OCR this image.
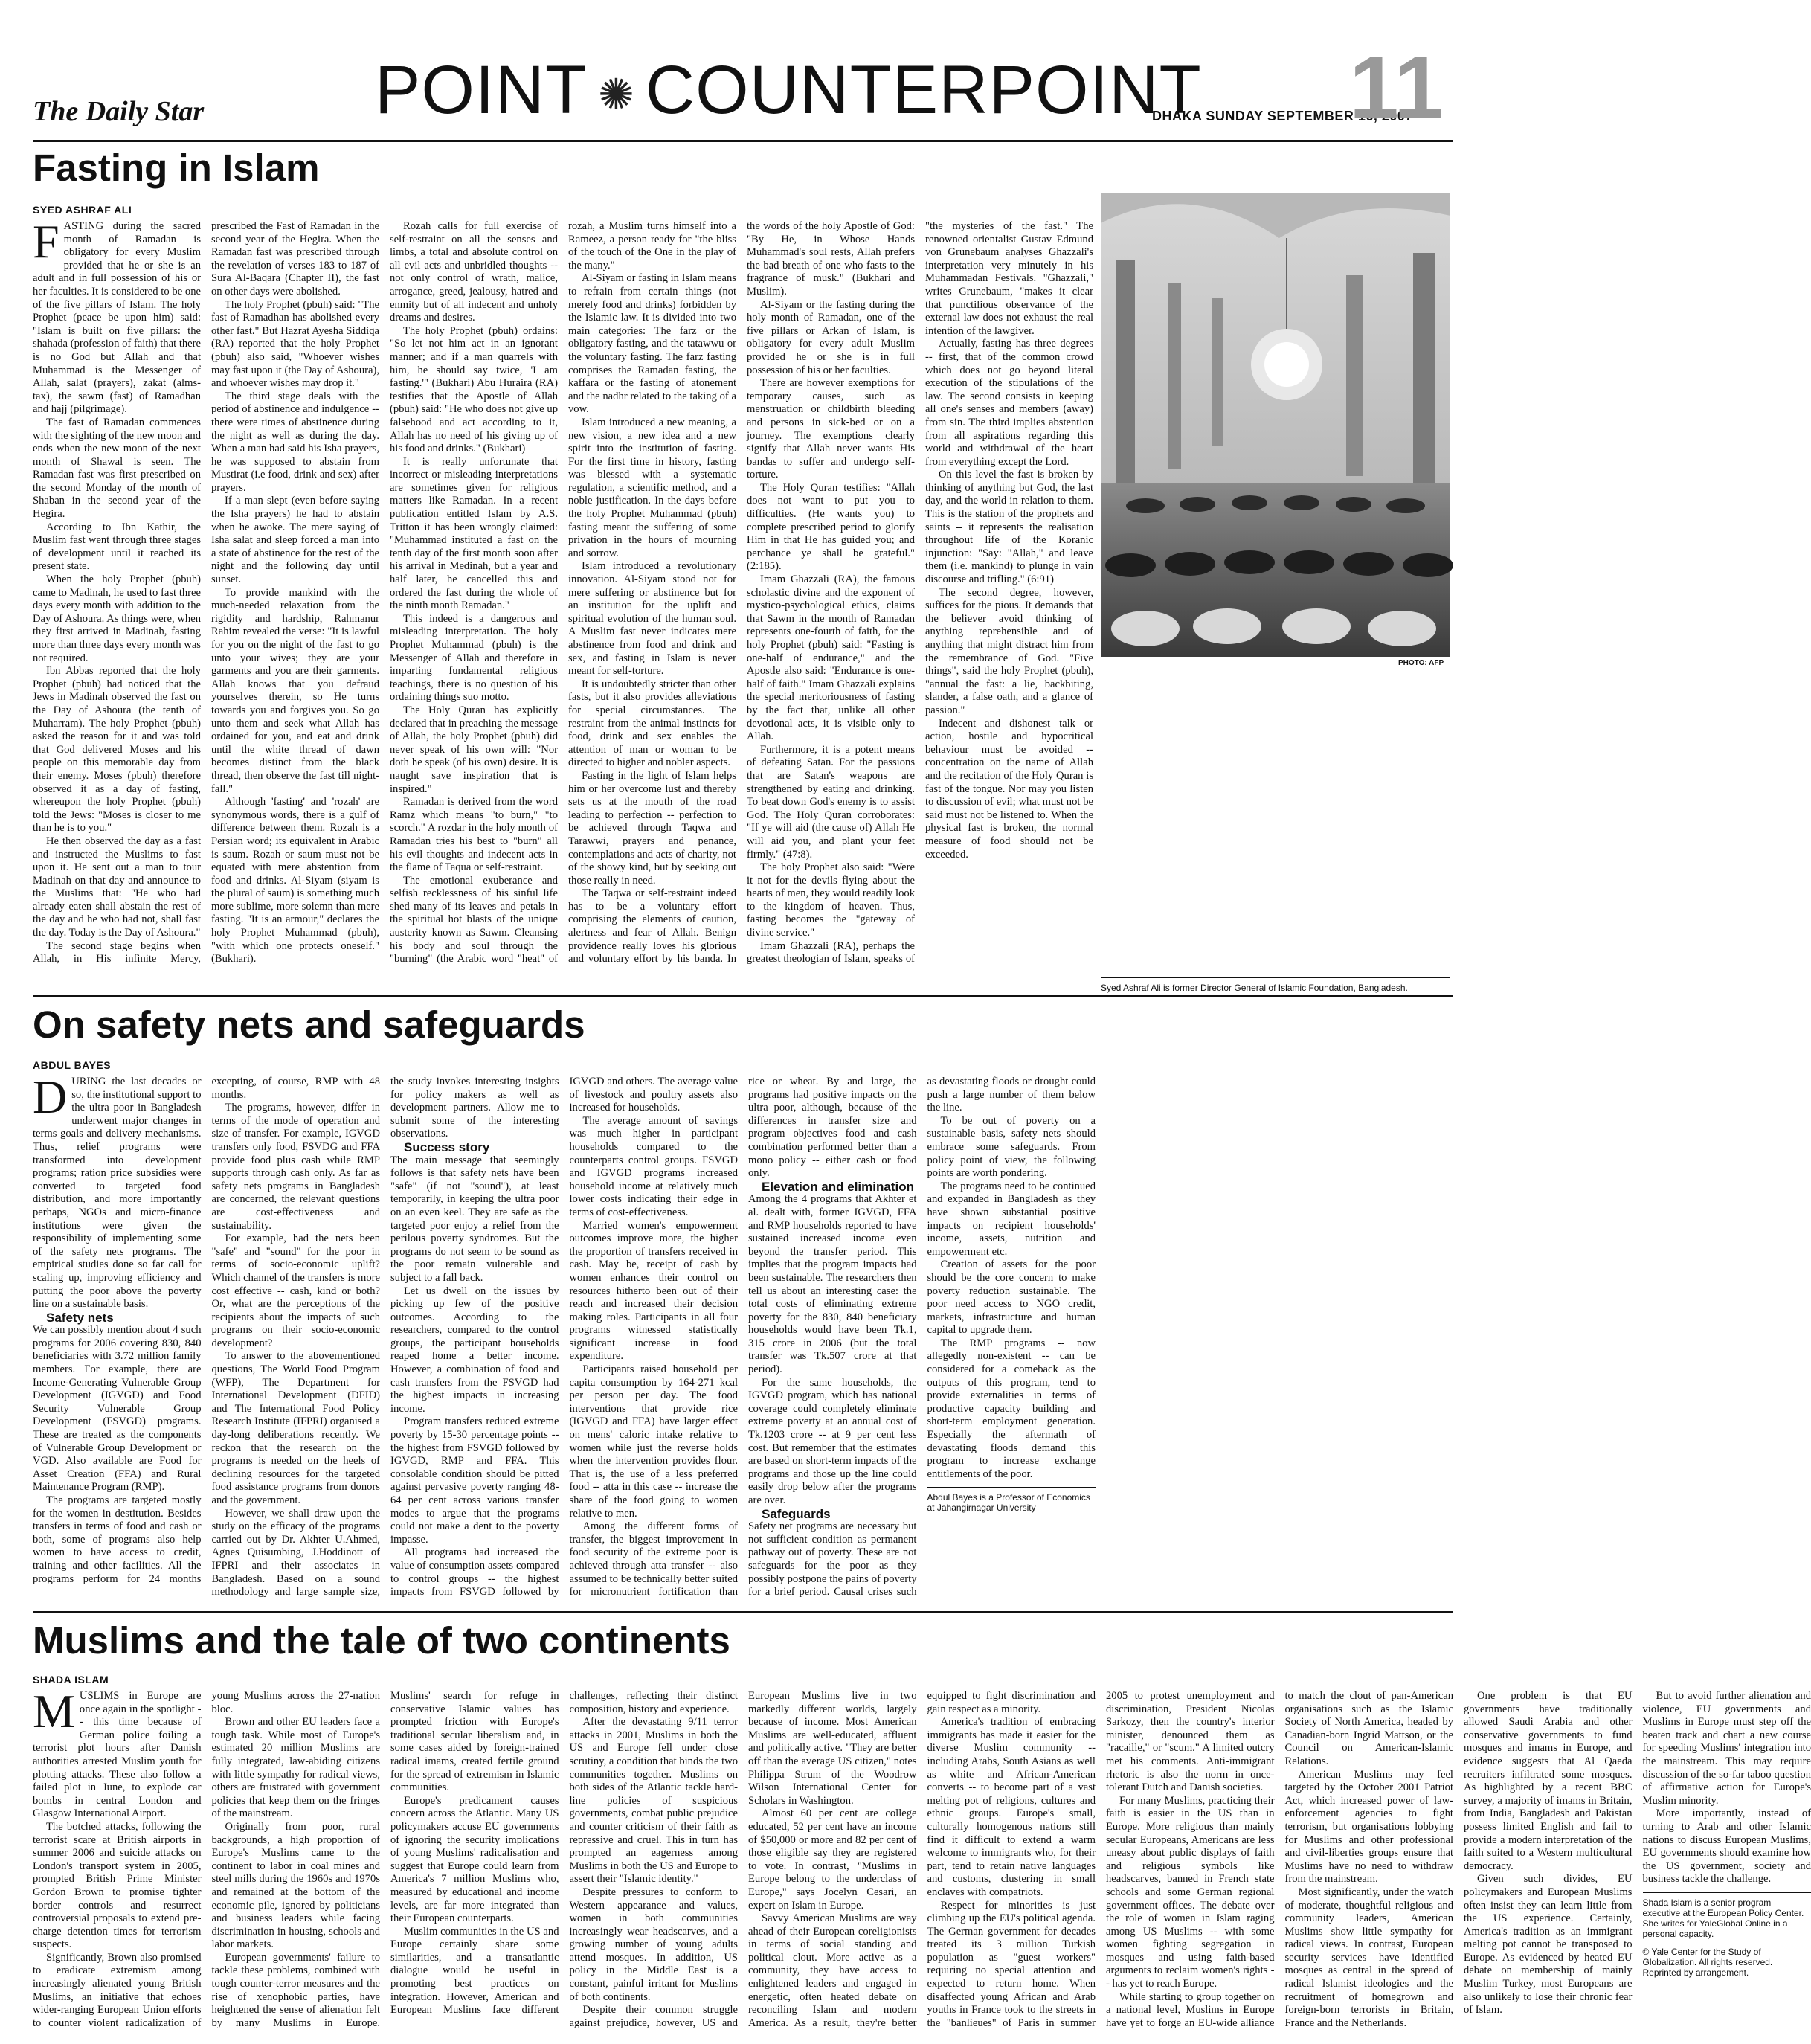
The Daily Star POINT ✺ COUNTERPOINT
DHAKA SUNDAY SEPTEMBER 16, 2007
11
Fasting in Islam
SYED ASHRAF ALI
F ASTING during the sacred month of Ramadan is obligatory for every Muslim provided that he or she is an adult and in full possession of his or her faculties. It is considered to be one of the five pillars of Islam. The holy Prophet (peace be upon him) said: "Islam is built on five pillars: the shahada (profession of faith) that there is no God but Allah and that Muhammad is the Messenger of Allah, salat (prayers), zakat (alms-tax), the sawm (fast) of Ramadhan and hajj (pilgrimage).

The fast of Ramadan commences with the sighting of the new moon and ends when the new moon of the next month of Shawal is seen. The Ramadan fast was first prescribed on the second Monday of the month of Shaban in the second year of the Hegira.

According to Ibn Kathir, the Muslim fast went through three stages of development until it reached its present state.

When the holy Prophet (pbuh) came to Madinah, he used to fast three days every month with addition to the Day of Ashoura. As things were, when they first arrived in Madinah, fasting more than three days every month was not required.

Ibn Abbas reported that the holy Prophet (pbuh) had noticed that the Jews in Madinah observed the fast on the Day of Ashoura (the tenth of Muharram). The holy Prophet (pbuh) asked the reason for it and was told that God delivered Moses and his people on this memorable day from their enemy. Moses (pbuh) therefore observed it as a day of fasting, whereupon the holy Prophet (pbuh) told the Jews: "Moses is closer to me than he is to you."

He then observed the day as a fast and instructed the Muslims to fast upon it. He sent out a man to tour Madinah on that day and announce to the Muslims that: "He who had already eaten shall abstain the rest of the day and he who had not, shall fast the day. Today is the Day of Ashoura."

The second stage begins when Allah, in His infinite Mercy, prescribed the Fast of Ramadan in the second year of the Hegira. When the Ramadan fast was prescribed through the revelation of verses 183 to 187 of Sura Al-Baqara (Chapter II), the fast on other days were abolished.

The holy Prophet (pbuh) said: "The fast of Ramadhan has abolished every other fast." But Hazrat Ayesha Siddiqa (RA) reported that the holy Prophet (pbuh) also said, "Whoever wishes may fast upon it (the Day of Ashoura), and whoever wishes may drop it."

The third stage deals with the period of abstinence and indulgence -- there were times of abstinence during the night as well as during the day. When a man had said his Isha prayers, he was supposed to abstain from Mustirat (i.e food, drink and sex) after prayers.

If a man slept (even before saying the Isha prayers) he had to abstain when he awoke. The mere saying of Isha salat and sleep forced a man into a state of abstinence for the rest of the night and the following day until sunset.

To provide mankind with the much-needed relaxation from the rigidity and hardship, Rahmanur Rahim revealed the verse: "It is lawful for you on the night of the fast to go unto your wives; they are your garments and you are their garments. Allah knows that you defraud yourselves therein, so He turns towards you and forgives you. So go unto them and seek what Allah has ordained for you, and eat and drink until the white thread of dawn becomes distinct from the black thread, then observe the fast till night-fall."

Although 'fasting' and 'rozah' are synonymous words, there is a gulf of difference between them. Rozah is a Persian word; its equivalent in Arabic is saum. Rozah or saum must not be equated with mere abstention from food and drinks. Al-Siyam (siyam is the plural of saum) is something much more sublime, more solemn than mere fasting. "It is an armour," declares the holy Prophet Muhammad (pbuh), "with which one protects oneself." (Bukhari).

Rozah calls for full exercise of self-restraint on all the senses and limbs, a total and absolute control on all evil acts and unbridled thoughts -- not only control of wrath, malice, arrogance, greed, jealousy, hatred and enmity but of all indecent and unholy dreams and desires.

The holy Prophet (pbuh) ordains: "So let not him act in an ignorant manner; and if a man quarrels with him, he should say twice, 'I am fasting.'" (Bukhari) Abu Huraira (RA) testifies that the Apostle of Allah (pbuh) said: "He who does not give up falsehood and act according to it, Allah has no need of his giving up of his food and drinks." (Bukhari)

It is really unfortunate that incorrect or misleading interpretations are sometimes given for religious matters like Ramadan. In a recent publication entitled Islam by A.S. Tritton it has been wrongly claimed: "Muhammad instituted a fast on the tenth day of the first month soon after his arrival in Medinah, but a year and half later, he cancelled this and ordered the fast during the whole of the ninth month Ramadan."

This indeed is a dangerous and misleading interpretation. The holy Prophet Muhammad (pbuh) is the Messenger of Allah and therefore in imparting fundamental religious teachings, there is no question of his ordaining things suo motto.

The Holy Quran has explicitly declared that in preaching the message of Allah, the holy Prophet (pbuh) did never speak of his own will: "Nor doth he speak (of his own) desire. It is naught save inspiration that is inspired."

Ramadan is derived from the word Ramz which means "to burn," "to scorch." A rozdar in the holy month of Ramadan tries his best to "burn" all his evil thoughts and indecent acts in the flame of Taqua or self-restraint.

The emotional exuberance and selfish recklessness of his sinful life shed many of its leaves and petals in the spiritual hot blasts of the unique austerity known as Sawm. Cleansing his body and soul through the "burning" (the Arabic word "heat" of rozah, a Muslim turns himself into a Rameez, a person ready for "the bliss of the touch of the One in the play of the many."

Al-Siyam or fasting in Islam means to refrain from certain things (not merely food and drinks) forbidden by the Islamic law. It is divided into two main categories: The farz or the obligatory fasting, and the tatawwu or the voluntary fasting. The farz fasting comprises the Ramadan fasting, the kaffara or the fasting of atonement and the nadhr related to the taking of a vow.

Islam introduced a new meaning, a new vision, a new idea and a new spirit into the institution of fasting. For the first time in history, fasting was blessed with a systematic regulation, a scientific method, and a noble justification. In the days before the holy Prophet Muhammad (pbuh) fasting meant the suffering of some privation in the hours of mourning and sorrow.

Islam introduced a revolutionary innovation. Al-Siyam stood not for mere suffering or abstinence but for an institution for the uplift and spiritual evolution of the human soul. A Muslim fast never indicates mere abstinence from food and drink and sex, and fasting in Islam is never meant for self-torture.

It is undoubtedly stricter than other fasts, but it also provides alleviations for special circumstances. The restraint from the animal instincts for food, drink and sex enables the attention of man or woman to be directed to higher and nobler aspects.

Fasting in the light of Islam helps him or her overcome lust and thereby sets us at the mouth of the road leading to perfection -- perfection to be achieved through Taqwa and Tarawwi, prayers and penance, contemplations and acts of charity, not of the showy kind, but by seeking out those really in need.

The Taqwa or self-restraint indeed has to be a voluntary effort comprising the elements of caution, alertness and fear of Allah. Benign providence really loves his glorious and voluntary effort by his banda. In the words of the holy Apostle of God: "By He, in Whose Hands Muhammad's soul rests, Allah prefers the bad breath of one who fasts to the fragrance of musk." (Bukhari and Muslim).

Al-Siyam or the fasting during the holy month of Ramadan, one of the five pillars or Arkan of Islam, is obligatory for every adult Muslim provided he or she is in full possession of his or her faculties.

There are however exemptions for temporary causes, such as menstruation or childbirth bleeding and persons in sick-bed or on a journey. The exemptions clearly signify that Allah never wants His bandas to suffer and undergo self-torture.

The Holy Quran testifies: "Allah does not want to put you to difficulties. (He wants you) to complete prescribed period to glorify Him in that He has guided you; and perchance ye shall be grateful." (2:185).

Imam Ghazzali (RA), the famous scholastic divine and the exponent of mystico-psychological ethics, claims that Sawm in the month of Ramadan represents one-fourth of faith, for the holy Prophet (pbuh) said: "Fasting is one-half of endurance," and the Apostle also said: "Endurance is one-half of faith." Imam Ghazzali explains the special meritoriousness of fasting by the fact that, unlike all other devotional acts, it is visible only to Allah.

Furthermore, it is a potent means of defeating Satan. For the passions that are Satan's weapons are strengthened by eating and drinking. To beat down God's enemy is to assist God. The Holy Quran corroborates: "If ye will aid (the cause of) Allah He will aid you, and plant your feet firmly." (47:8).

The holy Prophet also said: "Were it not for the devils flying about the hearts of men, they would readily look to the kingdom of heaven. Thus, fasting becomes the "gateway of divine service."

Imam Ghazzali (RA), perhaps the greatest theologian of Islam, speaks of "the mysteries of the fast." The renowned orientalist Gustav Edmund von Grunebaum analyses Ghazzali's interpretation very minutely in his Muhammadan Festivals. "Ghazzali," writes Grunebaum, "makes it clear that punctilious observance of the external law does not exhaust the real intention of the lawgiver.

Actually, fasting has three degrees -- first, that of the common crowd which does not go beyond literal execution of the stipulations of the law. The second consists in keeping all one's senses and members (away) from sin. The third implies abstention from all aspirations regarding this world and withdrawal of the heart from everything except the Lord.

On this level the fast is broken by thinking of anything but God, the last day, and the world in relation to them. This is the station of the prophets and saints -- it represents the realisation throughout life of the Koranic injunction: "Say: "Allah," and leave them (i.e. mankind) to plunge in vain discourse and trifling." (6:91)

The second degree, however, suffices for the pious. It demands that the believer avoid thinking of anything reprehensible and of anything that might distract him from the remembrance of God. "Five things", said the holy Prophet (pbuh), "annual the fast: a lie, backbiting, slander, a false oath, and a glance of passion."

Indecent and dishonest talk or action, hostile and hypocritical behaviour must be avoided -- concentration on the name of Allah and the recitation of the Holy Quran is fast of the tongue. Nor may you listen to discussion of evil; what must not be said must not be listened to. When the physical fast is broken, the normal measure of food should not be exceeded.

PHOTO: AFP
Syed Ashraf Ali is former Director General of Islamic Foundation, Bangladesh.
On safety nets and safeguards
ABDUL BAYES
D URING the last decades or so, the institutional support to the ultra poor in Bangladesh underwent major changes in terms goals and delivery mechanisms. Thus, relief programs were transformed into development programs; ration price subsidies were converted to targeted food distribution, and more importantly perhaps, NGOs and micro-finance institutions were given the responsibility of implementing some of the safety nets programs. The empirical studies done so far call for scaling up, improving efficiency and putting the poor above the poverty line on a sustainable basis.

Safety nets

We can possibly mention about 4 such programs for 2006 covering 830, 840 beneficiaries with 3.72 million family members. For example, there are Income-Generating Vulnerable Group Development (IGVGD) and Food Security Vulnerable Group Development (FSVGD) programs. These are treated as the components of Vulnerable Group Development or VGD. Also available are Food for Asset Creation (FFA) and Rural Maintenance Program (RMP).

The programs are targeted mostly for the women in destitution. Besides transfers in terms of food and cash or both, some of programs also help women to have access to credit, training and other facilities. All the programs perform for 24 months excepting, of course, RMP with 48 months.

The programs, however, differ in terms of the mode of operation and size of transfer. For example, IGVGD transfers only food, FSVDG and FFA provide food plus cash while RMP supports through cash only. As far as safety nets programs in Bangladesh are concerned, the relevant questions are cost-effectiveness and sustainability.

For example, had the nets been "safe" and "sound" for the poor in terms of socio-economic uplift? Which channel of the transfers is more cost effective -- cash, kind or both? Or, what are the perceptions of the recipients about the impacts of such programs on their socio-economic development?

To answer to the abovementioned questions, The World Food Program (WFP), The Department for International Development (DFID) and The International Food Policy Research Institute (IFPRI) organised a day-long deliberations recently. We reckon that the research on the programs is needed on the heels of declining resources for the targeted food assistance programs from donors and the government.

However, we shall draw upon the study on the efficacy of the programs carried out by Dr. Akhter U.Ahmed, Agnes Quisumbing, J.Hoddinott of IFPRI and their associates in Bangladesh. Based on a sound methodology and large sample size, the study invokes interesting insights for policy makers as well as development partners. Allow me to submit some of the interesting observations.

Success story

The main message that seemingly follows is that safety nets have been "safe" (if not "sound"), at least temporarily, in keeping the ultra poor on an even keel. They are safe as the targeted poor enjoy a relief from the perilous poverty syndromes. But the programs do not seem to be sound as the poor remain vulnerable and subject to a fall back.

Let us dwell on the issues by picking up few of the positive outcomes. According to the researchers, compared to the control groups, the participant households reaped home a better income. However, a combination of food and cash transfers from the FSVGD had the highest impacts in increasing income.

Program transfers reduced extreme poverty by 15-30 percentage points -- the highest from FSVGD followed by IGVGD, RMP and FFA. This consolable condition should be pitted against pervasive poverty ranging 48-64 per cent across various transfer modes to argue that the programs could not make a dent to the poverty impasse.

All programs had increased the value of consumption assets compared to control groups -- the highest impacts from FSVGD followed by IGVGD and others. The average value of livestock and poultry assets also increased for households.

The average amount of savings was much higher in participant households compared to the counterparts control groups. FSVGD and IGVGD programs increased household income at relatively much lower costs indicating their edge in terms of cost-effectiveness.

Married women's empowerment outcomes improve more, the higher the proportion of transfers received in cash. May be, receipt of cash by women enhances their control on resources hitherto been out of their reach and increased their decision making roles. Participants in all four programs witnessed statistically significant increase in food expenditure.

Participants raised household per capita consumption by 164-271 kcal per person per day. The food interventions that provide rice (IGVGD and FFA) have larger effect on mens' caloric intake relative to women while just the reverse holds when the intervention provides flour. That is, the use of a less preferred food -- atta in this case -- increase the share of the food going to women relative to men.

Among the different forms of transfer, the biggest improvement in food security of the extreme poor is achieved through atta transfer -- also assumed to be technically better suited for micronutrient fortification than rice or wheat. By and large, the programs had positive impacts on the ultra poor, although, because of the differences in transfer size and program objectives food and cash combination performed better than a mono policy -- either cash or food only.

Elevation and elimination

Among the 4 programs that Akhter et al. dealt with, former IGVGD, FFA and RMP households reported to have sustained increased income even beyond the transfer period. This implies that the program impacts had been sustainable. The researchers then tell us about an interesting case: the total costs of eliminating extreme poverty for the 830, 840 beneficiary households would have been Tk.1, 315 crore in 2006 (but the total transfer was Tk.507 crore at that period).

For the same households, the IGVGD program, which has national coverage could completely eliminate extreme poverty at an annual cost of Tk.1203 crore -- at 9 per cent less cost. But remember that the estimates are based on short-term impacts of the programs and those up the line could easily drop below after the programs are over.

Safeguards

Safety net programs are necessary but not sufficient condition as permanent pathway out of poverty. These are not safeguards for the poor as they possibly postpone the pains of poverty for a brief period. Causal crises such as devastating floods or drought could push a large number of them below the line.

To be out of poverty on a sustainable basis, safety nets should embrace some safeguards. From policy point of view, the following points are worth pondering.

The programs need to be continued and expanded in Bangladesh as they have shown substantial positive impacts on recipient households' income, assets, nutrition and empowerment etc.

Creation of assets for the poor should be the core concern to make poverty reduction sustainable. The poor need access to NGO credit, markets, infrastructure and human capital to upgrade them.

The RMP programs -- now allegedly non-existent -- can be considered for a comeback as the outputs of this program, tend to provide externalities in terms of productive capacity building and short-term employment generation. Especially the aftermath of devastating floods demand this program to increase exchange entitlements of the poor.

Abdul Bayes is a Professor of Economics at Jahangirnagar University
Muslims and the tale of two continents
SHADA ISLAM
M USLIMS in Europe are once again in the spotlight -- this time because of German police foiling a terrorist plot hours after Danish authorities arrested Muslim youth for plotting attacks. These also follow a failed plot in June, to explode car bombs in central London and Glasgow International Airport.

The botched attacks, following the terrorist scare at British airports in summer 2006 and suicide attacks on London's transport system in 2005, prompted British Prime Minister Gordon Brown to promise tighter border controls and resurrect controversial proposals to extend pre-charge detention times for terrorism suspects.

Significantly, Brown also promised to eradicate extremism among increasingly alienated young British Muslims, an initiative that echoes wider-ranging European Union efforts to counter violent radicalization of young Muslims across the 27-nation bloc.

Brown and other EU leaders face a tough task. While most of Europe's estimated 20 million Muslims are fully integrated, law-abiding citizens with little sympathy for radical views, others are frustrated with government policies that keep them on the fringes of the mainstream.

Originally from poor, rural backgrounds, a high proportion of Europe's Muslims came to the continent to labor in coal mines and steel mills during the 1960s and 1970s and remained at the bottom of the economic pile, ignored by politicians and business leaders while facing discrimination in housing, schools and labor markets.

European governments' failure to tackle these problems, combined with tough counter-terror measures and the rise of xenophobic parties, have heightened the sense of alienation felt by many Muslims in Europe. Muslims' search for refuge in conservative Islamic values has prompted friction with Europe's traditional secular liberalism and, in some cases aided by foreign-trained radical imams, created fertile ground for the spread of extremism in Islamic communities.

Europe's predicament causes concern across the Atlantic. Many US policymakers accuse EU governments of ignoring the security implications of young Muslims' radicalisation and suggest that Europe could learn from America's 7 million Muslims who, measured by educational and income levels, are far more integrated than their European counterparts.

Muslim communities in the US and Europe certainly share some similarities, and a transatlantic dialogue would be useful in promoting best practices on integration. However, American and European Muslims face different challenges, reflecting their distinct composition, history and experience.

After the devastating 9/11 terror attacks in 2001, Muslims in both the US and Europe fell under close scrutiny, a condition that binds the two communities together. Muslims on both sides of the Atlantic tackle hard-line policies of suspicious governments, combat public prejudice and counter criticism of their faith as repressive and cruel. This in turn has prompted an eagerness among Muslims in both the US and Europe to assert their "Islamic identity."

Despite pressures to conform to Western appearance and values, women in both communities increasingly wear headscarves, and a growing number of young adults attend mosques. In addition, US policy in the Middle East is a constant, painful irritant for Muslims of both continents.

Despite their common struggle against prejudice, however, US and European Muslims live in two markedly different worlds, largely because of income. Most American Muslims are well-educated, affluent and politically active. "They are better off than the average US citizen," notes Philippa Strum of the Woodrow Wilson International Center for Scholars in Washington.

Almost 60 per cent are college educated, 52 per cent have an income of $50,000 or more and 82 per cent of those eligible say they are registered to vote. In contrast, "Muslims in Europe belong to the underclass of Europe," says Jocelyn Cesari, an expert on Islam in Europe.

Savvy American Muslims are way ahead of their European coreligionists in terms of social standing and political clout. More active as a community, they have access to enlightened leaders and engaged in energetic, often heated debate on reconciling Islam and modern America. As a result, they're better equipped to fight discrimination and gain respect as a minority.

America's tradition of embracing immigrants has made it easier for the diverse Muslim community -- including Arabs, South Asians as well as white and African-American converts -- to become part of a vast melting pot of religions, cultures and ethnic groups. Europe's small, culturally homogenous nations still find it difficult to extend a warm welcome to immigrants who, for their part, tend to retain native languages and customs, clustering in small enclaves with compatriots.

Respect for minorities is just climbing up the EU's political agenda. The German government for decades treated its 3 million Turkish population as "guest workers" requiring no special attention and expected to return home. When disaffected young African and Arab youths in France took to the streets in the "banlieues" of Paris in summer 2005 to protest unemployment and discrimination, President Nicolas Sarkozy, then the country's interior minister, denounced them as "racaille," or "scum." A limited outcry met his comments. Anti-immigrant rhetoric is also the norm in once-tolerant Dutch and Danish societies.

For many Muslims, practicing their faith is easier in the US than in Europe. More religious than mainly secular Europeans, Americans are less uneasy about public displays of faith and religious symbols like headscarves, banned in French state schools and some German regional government offices. The debate over the role of women in Islam raging among US Muslims -- with some women fighting segregation in mosques and using faith-based arguments to reclaim women's rights -- has yet to reach Europe.

While starting to group together on a national level, Muslims in Europe have yet to forge an EU-wide alliance to match the clout of pan-American organisations such as the Islamic Society of North America, headed by Canadian-born Ingrid Mattson, or the Council on American-Islamic Relations.

American Muslims may feel targeted by the October 2001 Patriot Act, which increased power of law-enforcement agencies to fight terrorism, but organisations lobbying for Muslims and other professional and civil-liberties groups ensure that Muslims have no need to withdraw from the mainstream.

Most significantly, under the watch of moderate, thoughtful religious and community leaders, American Muslims show little sympathy for radical views. In contrast, European security services have identified mosques as central in the spread of radical Islamist ideologies and the recruitment of homegrown and foreign-born terrorists in Britain, France and the Netherlands.

One problem is that EU governments have traditionally allowed Saudi Arabia and other conservative governments to fund mosques and imams in Europe, and evidence suggests that Al Qaeda recruiters infiltrated some mosques. As highlighted by a recent BBC survey, a majority of imams in Britain, from India, Bangladesh and Pakistan possess limited English and fail to provide a modern interpretation of the faith suited to a Western multicultural democracy.

Given such divides, EU policymakers and European Muslims often insist they can learn little from the US experience. Certainly, America's tradition as an immigrant melting pot cannot be transposed to Europe. As evidenced by heated EU debate on membership of mainly Muslim Turkey, most Europeans are also unlikely to lose their chronic fear of Islam.

But to avoid further alienation and violence, EU governments and Muslims in Europe must step off the beaten track and chart a new course for speeding Muslims' integration into the mainstream. This may require discussion of the so-far taboo question of affirmative action for Europe's Muslim minority.

More importantly, instead of turning to Arab and other Islamic nations to discuss European Muslims, EU governments should examine how the US government, society and business tackle the challenge.

Shada Islam is a senior program executive at the European Policy Center. She writes for YaleGlobal Online in a personal capacity.
© Yale Center for the Study of Globalization. All rights reserved. Reprinted by arrangement.
